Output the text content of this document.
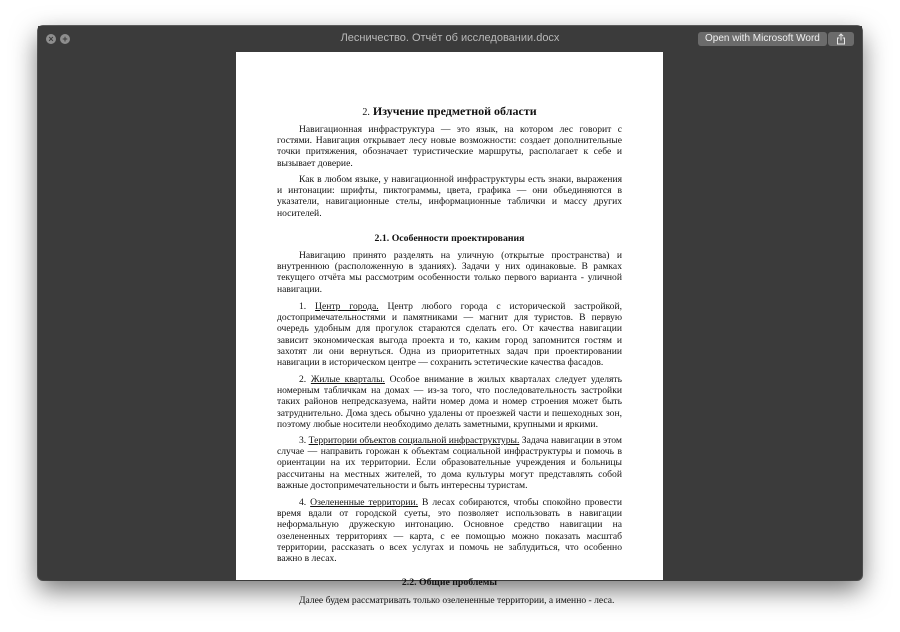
× +	Лесничество. Отчёт об исследовании.docx	Open with Microsoft Word
2. Изучение предметной области

Навигационная инфраструктура — это язык, на котором лес говорит с гостями. Навигация открывает лесу новые возможности: создает дополнительные точки притяжения, обозначает туристические маршруты, располагает к себе и вызывает доверие.

Как в любом языке, у навигационной инфраструктуры есть знаки, выражения и интонации: шрифты, пиктограммы, цвета, графика — они объединяются в указатели, навигационные стелы, информационные таблички и массу других носителей.

2.1. Особенности проектирования

Навигацию принято разделять на уличную (открытые пространства) и внутреннюю (расположенную в зданиях). Задачи у них одинаковые. В рамках текущего отчёта мы рассмотрим особенности только первого варианта - уличной навигации.

1. Центр города. Центр любого города с исторической застройкой, достопримечательностями и памятниками — магнит для туристов. В первую очередь удобным для прогулок стараются сделать его. От качества навигации зависит экономическая выгода проекта и то, каким город запомнится гостям и захотят ли они вернуться. Одна из приоритетных задач при проектировании навигации в историческом центре — сохранить эстетические качества фасадов.

2. Жилые кварталы. Особое внимание в жилых кварталах следует уделять номерным табличкам на домах — из-за того, что последовательность застройки таких районов непредсказуема, найти номер дома и номер строения может быть затруднительно. Дома здесь обычно удалены от проезжей части и пешеходных зон, поэтому любые носители необходимо делать заметными, крупными и яркими.

3. Территории объектов социальной инфраструктуры. Задача навигации в этом случае — направить горожан к объектам социальной инфраструктуры и помочь в ориентации на их территории. Если образовательные учреждения и больницы рассчитаны на местных жителей, то дома культуры могут представлять собой важные достопримечательности и быть интересны туристам.

4. Озелененные территории. В лесах собираются, чтобы спокойно провести время вдали от городской суеты, это позволяет использовать в навигации неформальную дружескую интонацию. Основное средство навигации на озелененных территориях — карта, с ее помощью можно показать масштаб территории, рассказать о всех услугах и помочь не заблудиться, что особенно важно в лесах.

2.2. Общие проблемы

Далее будем рассматривать только озелененные территории, а именно - леса.
